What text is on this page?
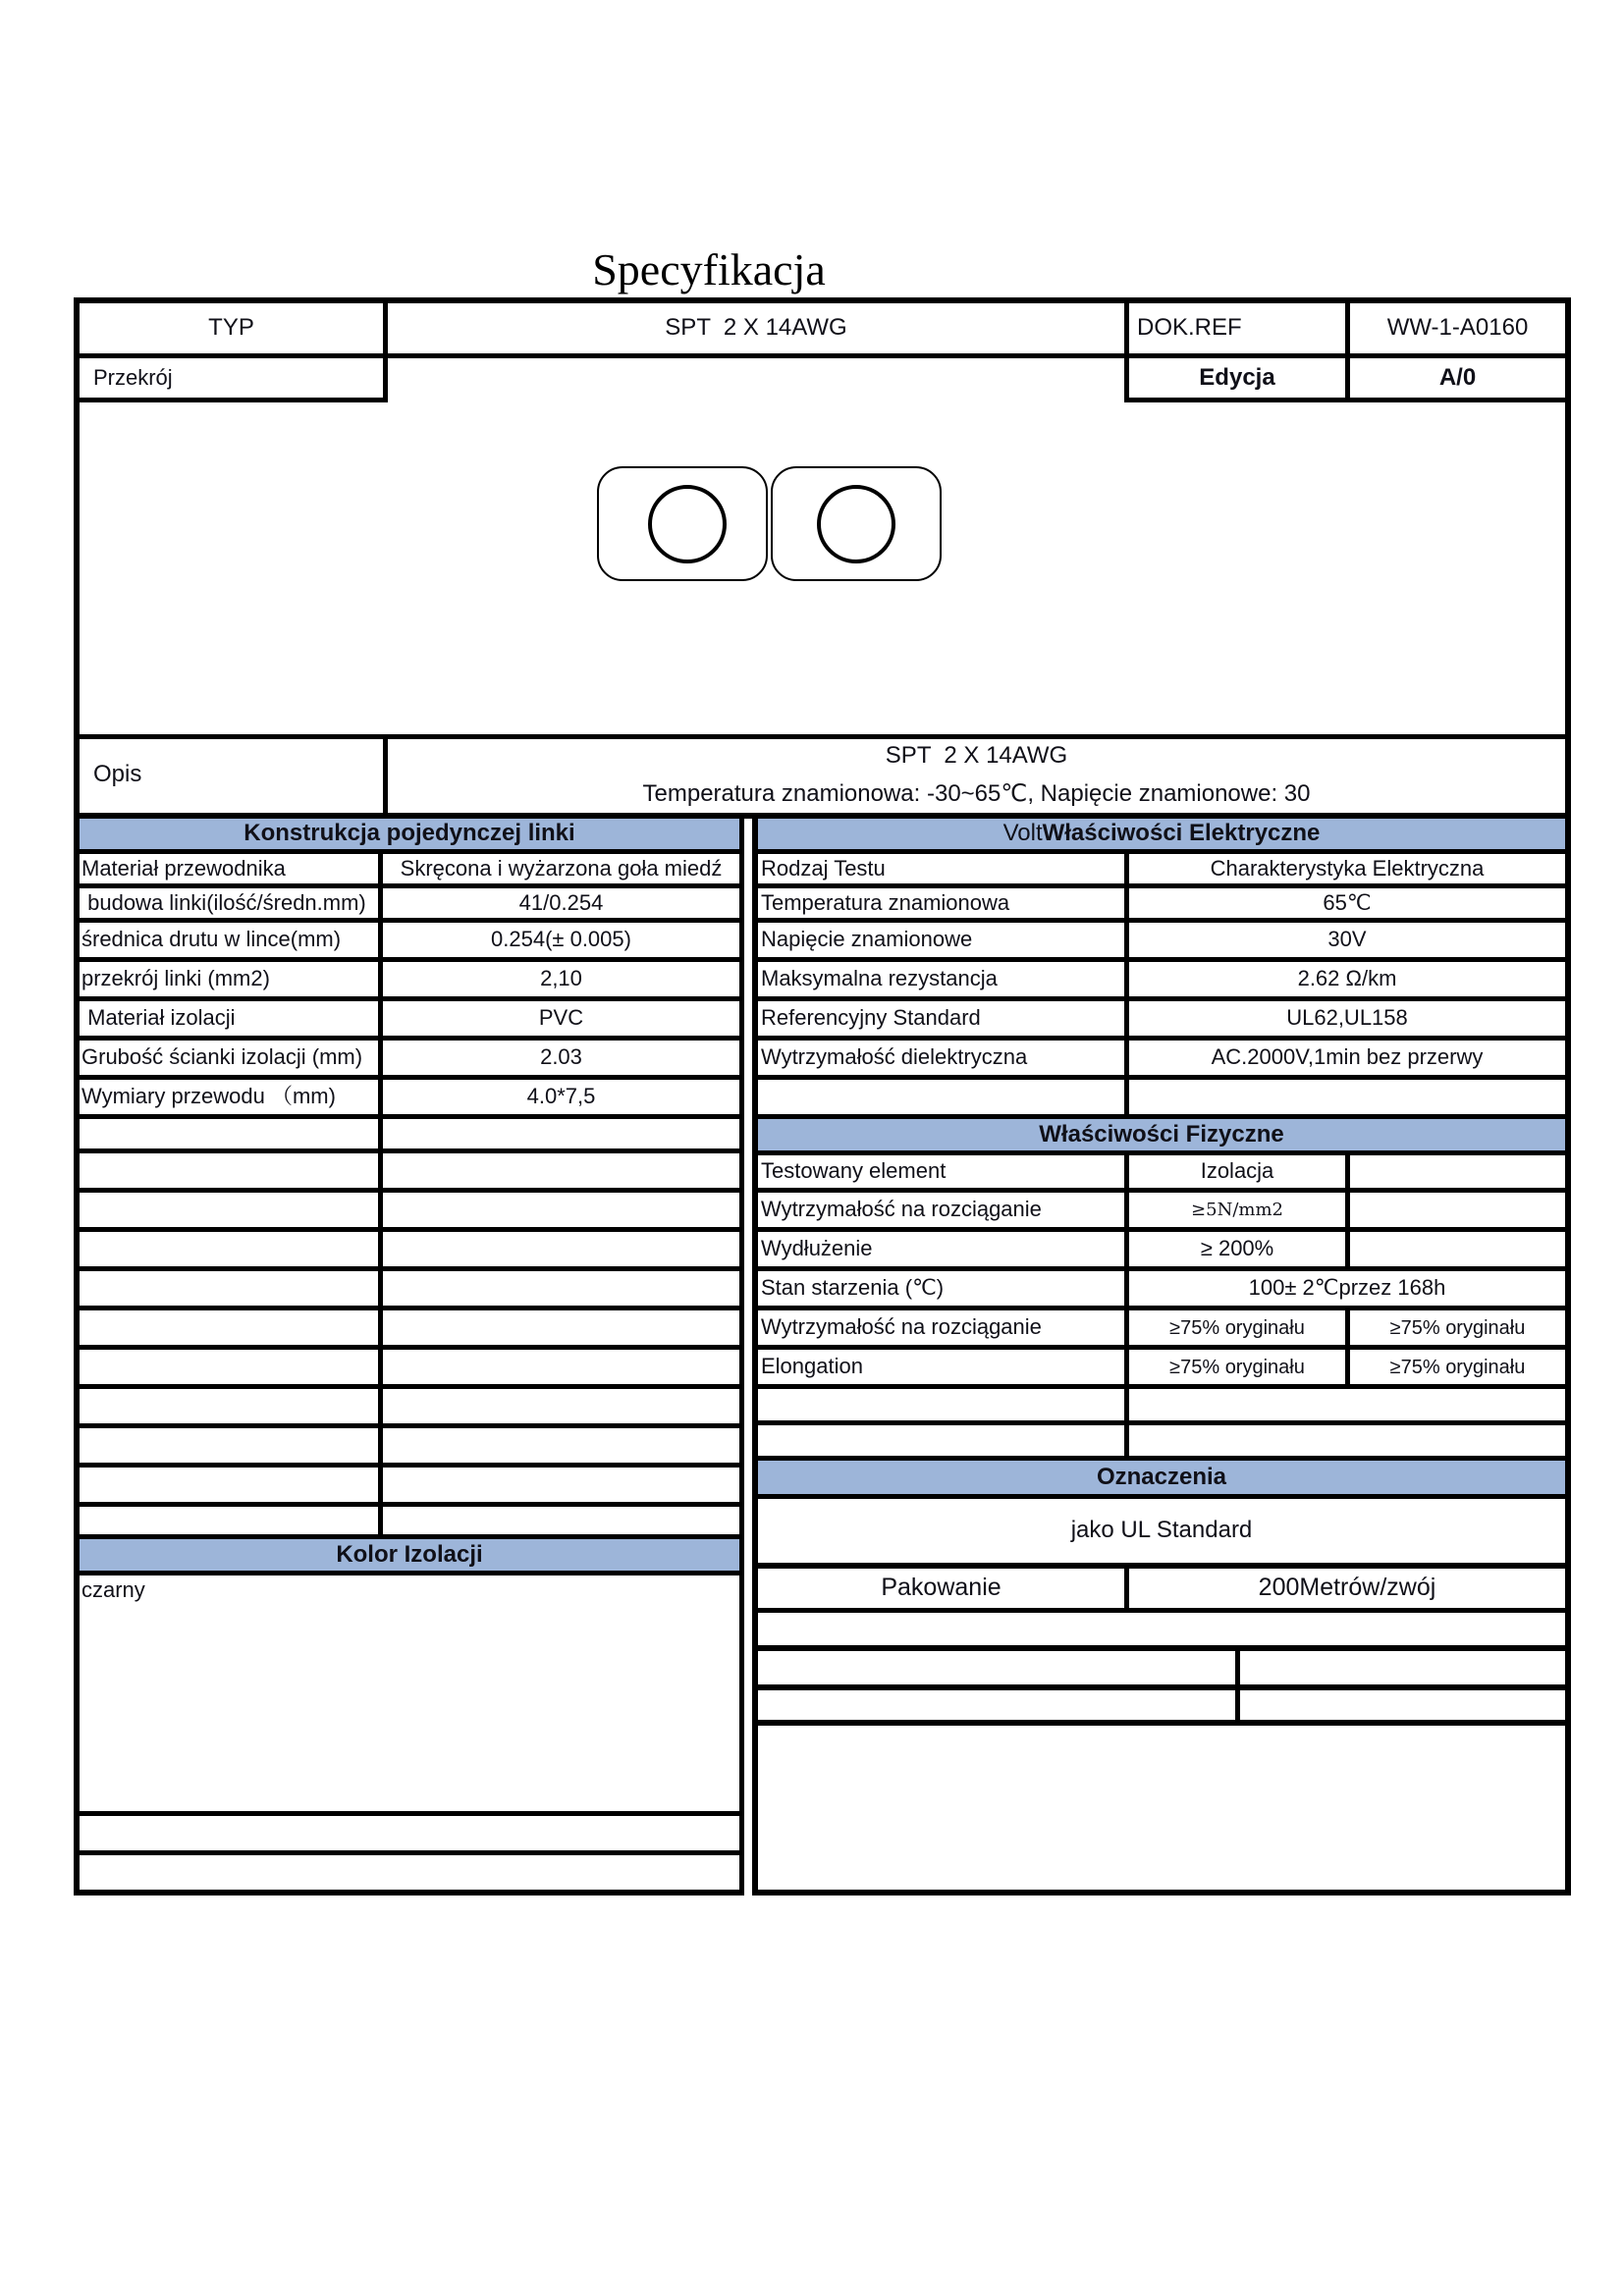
Specyfikacja
TYP	SPT  2 X 14AWG	DOK.REF	WW-1-A0160
Przekrój	Edycja	A/0
Opis
SPT  2 X 14AWG
Temperatura znamionowa: -30~65℃, Napięcie znamionowe: 30
Konstrukcja pojedynczej linki
Materiał przewodnika	Skręcona i wyżarzona goła miedź
budowa linki(ilość/średn.mm)	41/0.254
średnica drutu w lince(mm)	0.254(± 0.005)
przekrój linki (mm2)	2,10
Materiał izolacji	PVC
Grubość ścianki izolacji (mm)	2.03
Wymiary przewodu （mm)	4.0*7,5
Kolor Izolacji
czarny
Volt Właściwości Elektryczne
Rodzaj Testu	Charakterystyka Elektryczna
Temperatura znamionowa	65℃
Napięcie znamionowe	30V
Maksymalna rezystancja	2.62 Ω/km
Referencyjny Standard	UL62,UL158
Wytrzymałość dielektryczna	AC.2000V,1min bez przerwy
Właściwości Fizyczne
Testowany element	Izolacja
Wytrzymałość na rozciąganie	≥5N/mm2
Wydłużenie	≥ 200%
Stan starzenia (℃)	100± 2℃przez 168h
Wytrzymałość na rozciąganie	≥75% oryginału	≥75% oryginału
Elongation	≥75% oryginału	≥75% oryginału
Oznaczenia
jako UL Standard
Pakowanie	200Metrów/zwój
